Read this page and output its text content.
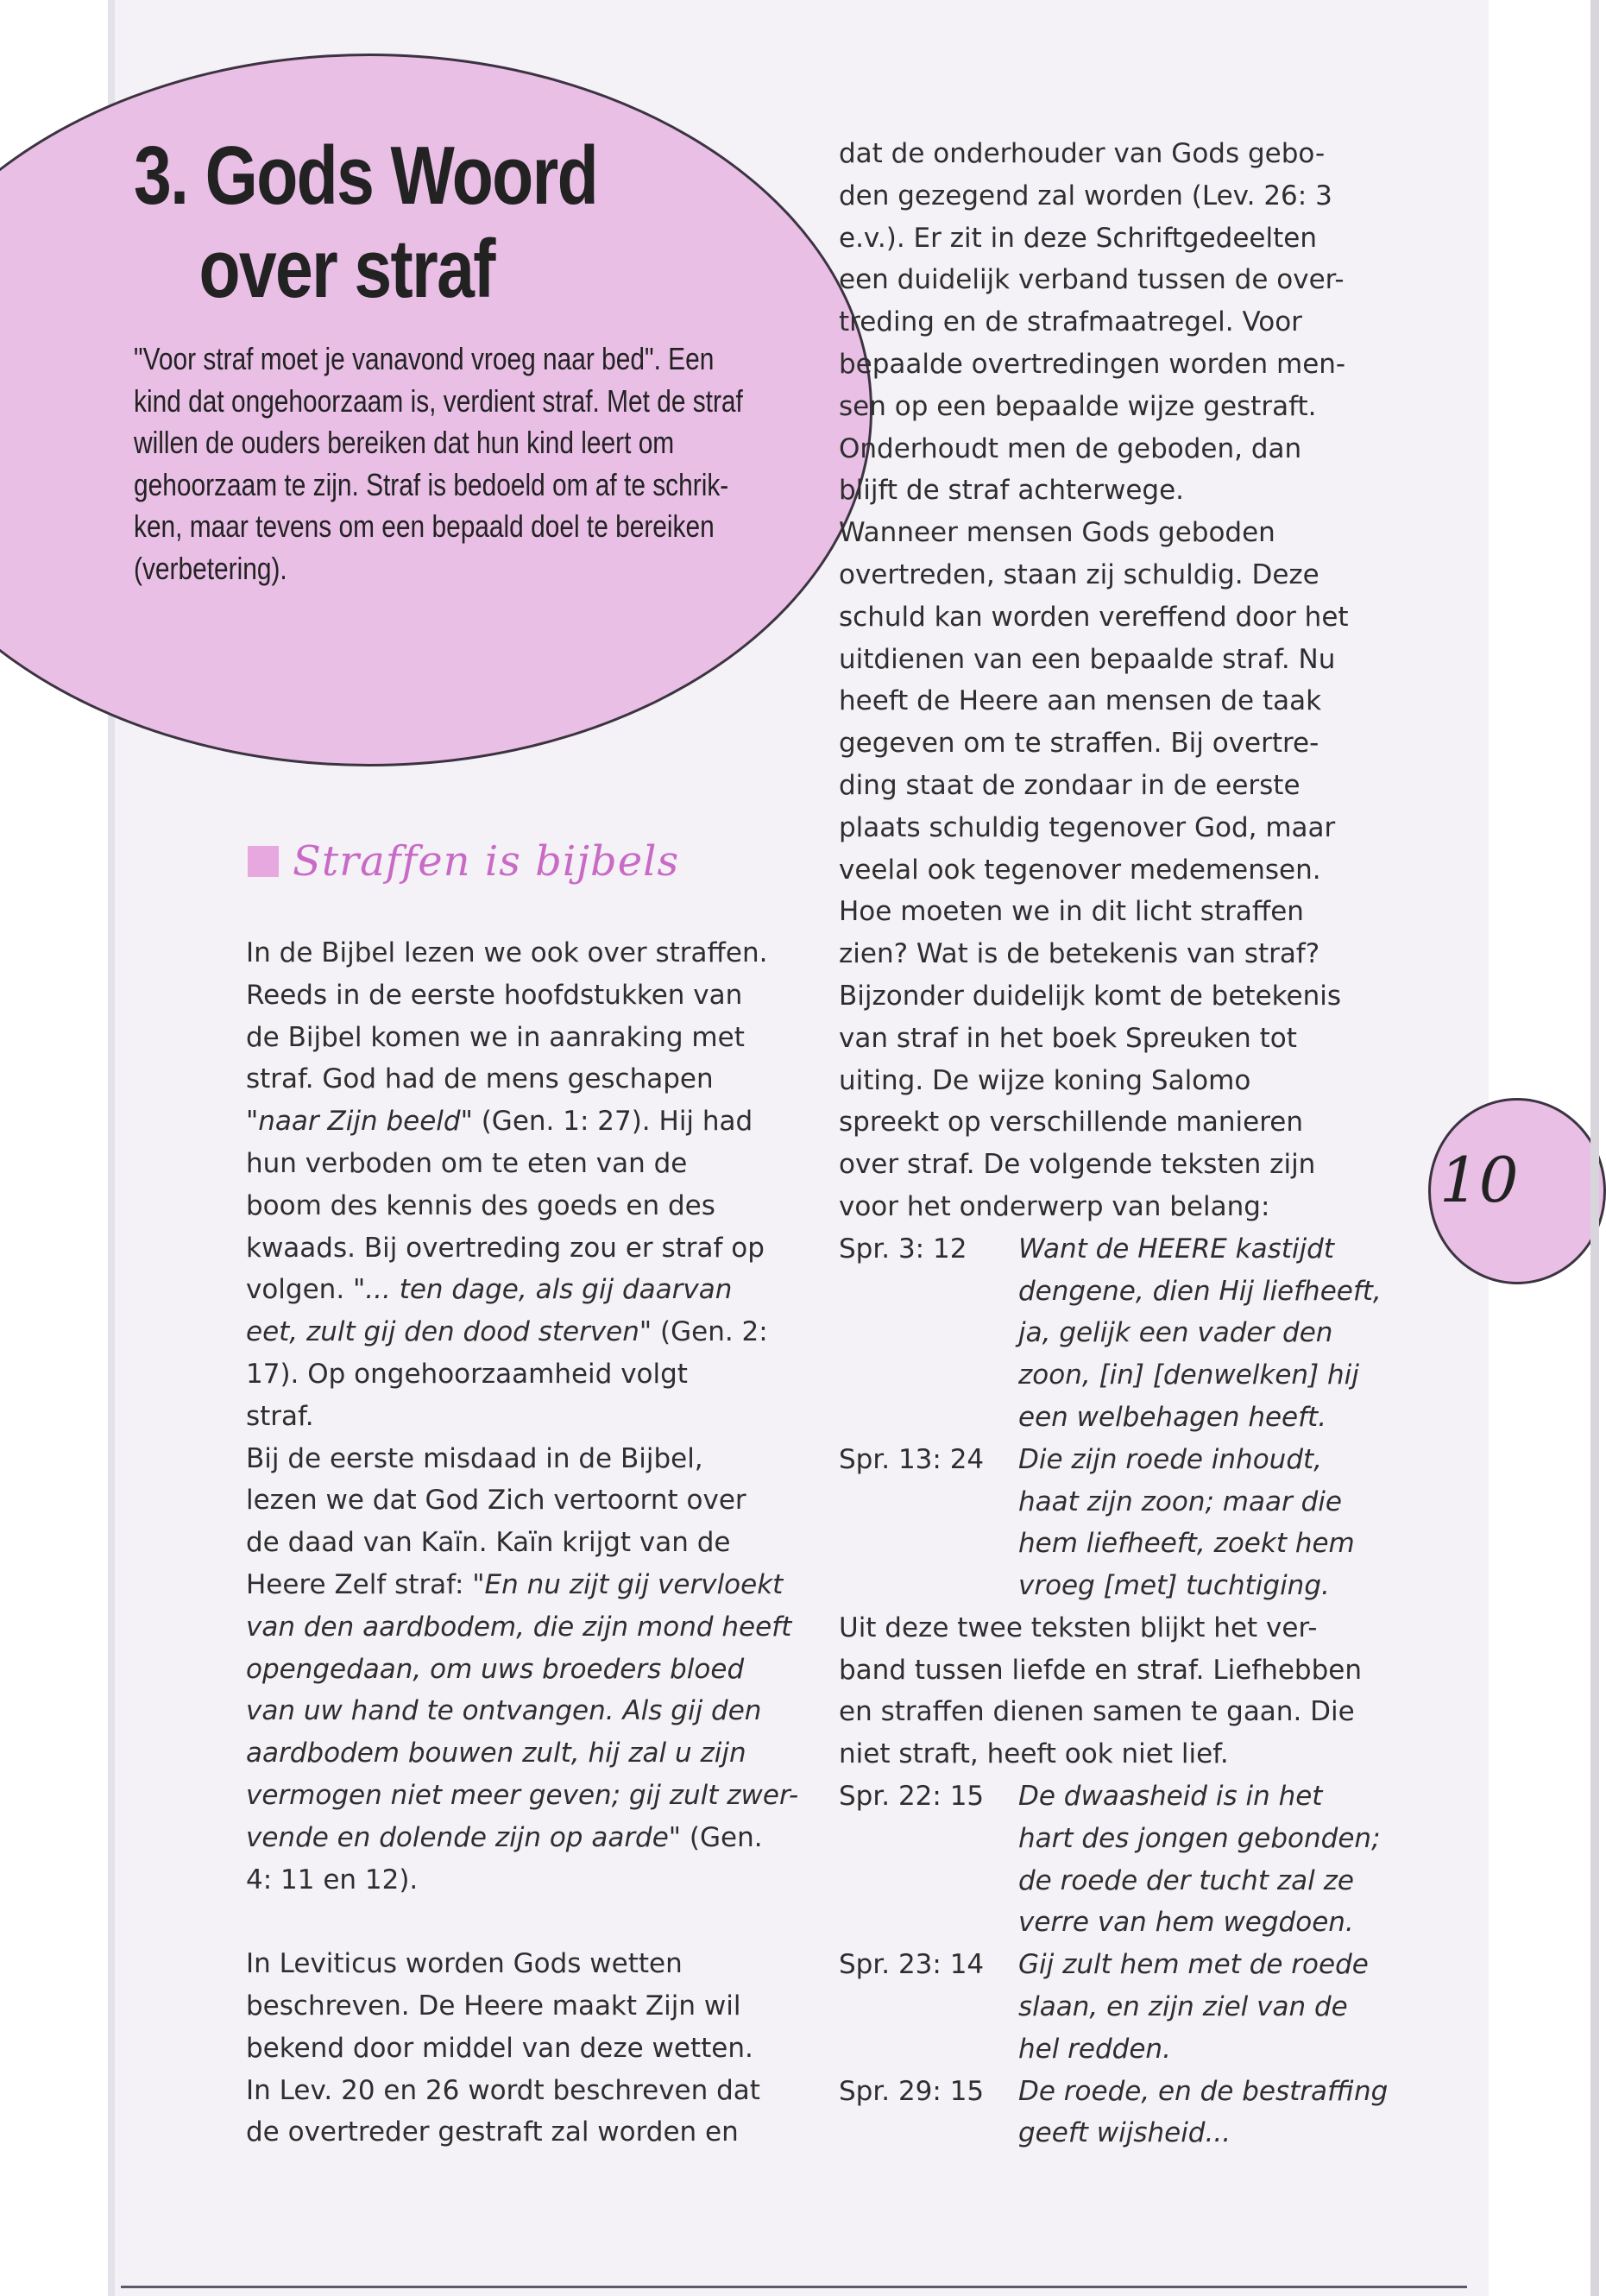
3. Gods Woord
over straf

"Voor straf moet je vanavond vroeg naar bed". Een
kind dat ongehoorzaam is, verdient straf. Met de straf
willen de ouders bereiken dat hun kind leert om
gehoorzaam te zijn. Straf is bedoeld om af te schrik-
ken, maar tevens om een bepaald doel te bereiken
(verbetering).

Straffen is bijbels
In de Bijbel lezen we ook over straffen.
Reeds in de eerste hoofdstukken van
de Bijbel komen we in aanraking met
straf. God had de mens geschapen
"naar Zijn beeld" (Gen. 1: 27). Hij had
hun verboden om te eten van de
boom des kennis des goeds en des
kwaads. Bij overtreding zou er straf op
volgen. "... ten dage, als gij daarvan
eet, zult gij den dood sterven" (Gen. 2:
17). Op ongehoorzaamheid volgt
straf.
Bij de eerste misdaad in de Bijbel,
lezen we dat God Zich vertoornt over
de daad van Kaïn. Kaïn krijgt van de
Heere Zelf straf: "En nu zijt gij vervloekt
van den aardbodem, die zijn mond heeft
opengedaan, om uws broeders bloed
van uw hand te ontvangen. Als gij den
aardbodem bouwen zult, hij zal u zijn
vermogen niet meer geven; gij zult zwer-
vende en dolende zijn op aarde" (Gen.
4: 11 en 12).
In Leviticus worden Gods wetten
beschreven. De Heere maakt Zijn wil
bekend door middel van deze wetten.
In Lev. 20 en 26 wordt beschreven dat
de overtreder gestraft zal worden en
dat de onderhouder van Gods gebo-
den gezegend zal worden (Lev. 26: 3
e.v.). Er zit in deze Schriftgedeelten
een duidelijk verband tussen de over-
treding en de strafmaatregel. Voor
bepaalde overtredingen worden men-
sen op een bepaalde wijze gestraft.
Onderhoudt men de geboden, dan
blijft de straf achterwege.
Wanneer mensen Gods geboden
overtreden, staan zij schuldig. Deze
schuld kan worden vereffend door het
uitdienen van een bepaalde straf. Nu
heeft de Heere aan mensen de taak
gegeven om te straffen. Bij overtre-
ding staat de zondaar in de eerste
plaats schuldig tegenover God, maar
veelal ook tegenover medemensen.
Hoe moeten we in dit licht straffen
zien? Wat is de betekenis van straf?
Bijzonder duidelijk komt de betekenis
van straf in het boek Spreuken tot
uiting. De wijze koning Salomo
spreekt op verschillende manieren
over straf. De volgende teksten zijn
voor het onderwerp van belang:
Spr. 3: 12	Want de HEERE kastijdt
dengene, dien Hij liefheeft,
ja, gelijk een vader den
zoon, [in] [denwelken] hij
een welbehagen heeft.
Spr. 13: 24	Die zijn roede inhoudt,
haat zijn zoon; maar die
hem liefheeft, zoekt hem
vroeg [met] tuchtiging.
Uit deze twee teksten blijkt het ver-
band tussen liefde en straf. Liefhebben
en straffen dienen samen te gaan. Die
niet straft, heeft ook niet lief.
Spr. 22: 15	De dwaasheid is in het
hart des jongen gebonden;
de roede der tucht zal ze
verre van hem wegdoen.
Spr. 23: 14	Gij zult hem met de roede
slaan, en zijn ziel van de
hel redden.
Spr. 29: 15	De roede, en de bestraffing
geeft wijsheid...
10
